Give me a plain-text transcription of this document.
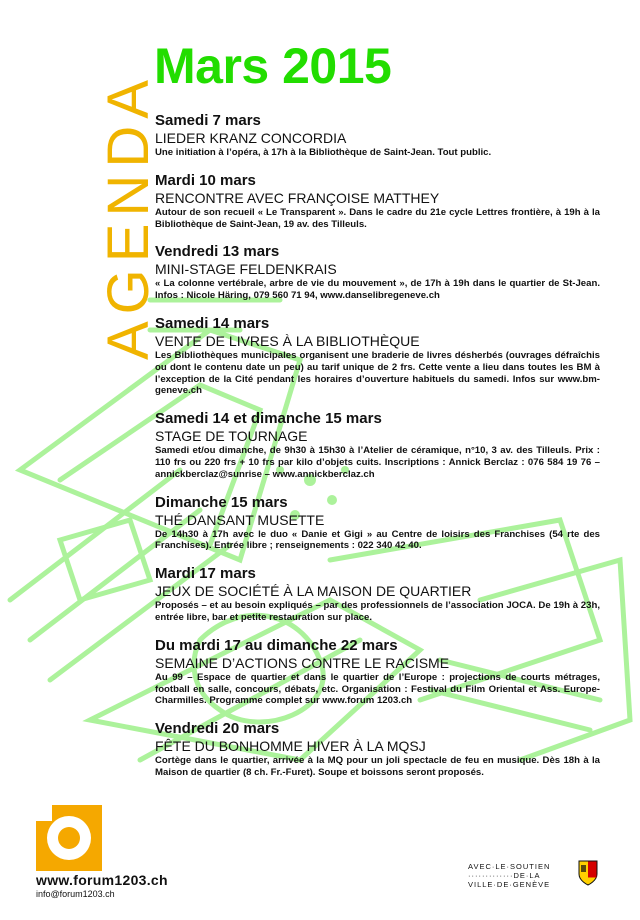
AGENDA
Mars 2015
Samedi 7 mars
LIEDER KRANZ CONCORDIA
Une initiation à l’opéra, à 17h à la Bibliothèque de Saint-Jean. Tout public.
Mardi 10 mars
RENCONTRE AVEC FRANÇOISE MATTHEY
Autour de son recueil « Le Transparent ». Dans le cadre du 21e cycle Lettres frontière, à 19h à la Bibliothèque de Saint-Jean, 19 av. des Tilleuls.
Vendredi 13 mars
MINI-STAGE FELDENKRAIS
« La colonne vertébrale, arbre de vie du mouvement », de 17h à 19h dans le quartier de St-Jean. Infos : Nicole Häring, 079 560 71 94, www.danselibregeneve.ch
Samedi 14 mars
VENTE DE LIVRES À LA BIBLIOTHÈQUE
Les Bibliothèques municipales organisent une braderie de livres désherbés (ouvrages défraîchis ou dont le contenu date un peu) au tarif unique de 2 frs. Cette vente a lieu dans toutes les BM à l’exception de la Cité pendant les horaires d’ouverture habituels du samedi. Infos sur www.bm-geneve.ch
Samedi 14 et dimanche 15 mars
STAGE DE TOURNAGE
Samedi et/ou dimanche, de 9h30 à 15h30 à l’Atelier de céramique, n°10, 3 av. des Tilleuls. Prix : 110 frs ou 220 frs + 10 frs par kilo d’objets cuits. Inscriptions : Annick Berclaz : 076 584 19 76 – annickberclaz@sunrise – www.annickberclaz.ch
Dimanche 15 mars
THÉ DANSANT MUSETTE
De 14h30 à 17h avec le duo « Danie et Gigi » au Centre de loisirs des Franchises (54 rte des Franchises). Entrée libre ; renseignements : 022 340 42 40.
Mardi 17 mars
JEUX DE SOCIÉTÉ À LA MAISON DE QUARTIER
Proposés – et au besoin expliqués – par des professionnels de l’association JOCA. De 19h à 23h, entrée libre, bar et petite restauration sur place.
Du mardi 17 au dimanche 22 mars
SEMAINE D’ACTIONS CONTRE LE RACISME
Au 99 – Espace de quartier et dans le quartier de l’Europe : projections de courts métrages, football en salle, concours, débats, etc. Organisation : Festival du Film Oriental et Ass. Europe-Charmilles. Programme complet sur www.forum 1203.ch
Vendredi 20 mars
FÊTE DU BONHOMME HIVER À LA MQSJ
Cortège dans le quartier, arrivée à la MQ pour un joli spectacle de feu en musique. Dès 18h à la Maison de quartier (8 ch. Fr.-Furet). Soupe et boissons seront proposés.
www.forum1203.ch
info@forum1203.ch
AVEC·LE·SOUTIEN
·············DE·LA
VILLE·DE·GENÈVE
